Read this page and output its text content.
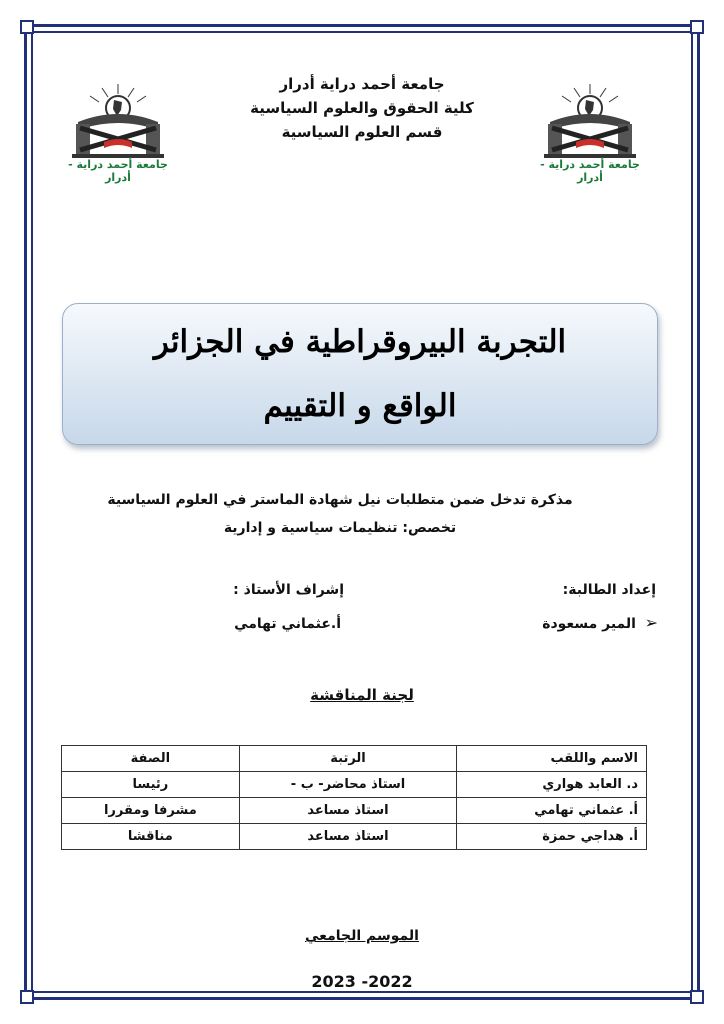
جامعة أحمد دراية - أدرار
جامعة أحمد دراية - أدرار
جامعة أحمد دراية أدرار
كلية الحقوق والعلوم السياسية
قسم العلوم السياسية
التجربة البيروقراطية في الجزائر
الواقع و التقييم
مذكرة تدخل ضمن متطلبات نيل شهادة الماستر في العلوم السياسية
تخصص: تنظيمات سياسية و إدارية
إعداد الطالبة:
➢
المير مسعودة
إشراف الأستاذ :
أ.عثماني تهامي
لجنة المناقشة
الاسم واللقب	الرتبة	الصفة
د. العابد هواري	استاذ محاضر- ب -	رئيسا
أ. عثماني تهامي	استاذ مساعد	مشرفا ومقررا
أ. هداجي حمزة	استاذ مساعد	مناقشا
الموسم الجامعي
2023 -2022
